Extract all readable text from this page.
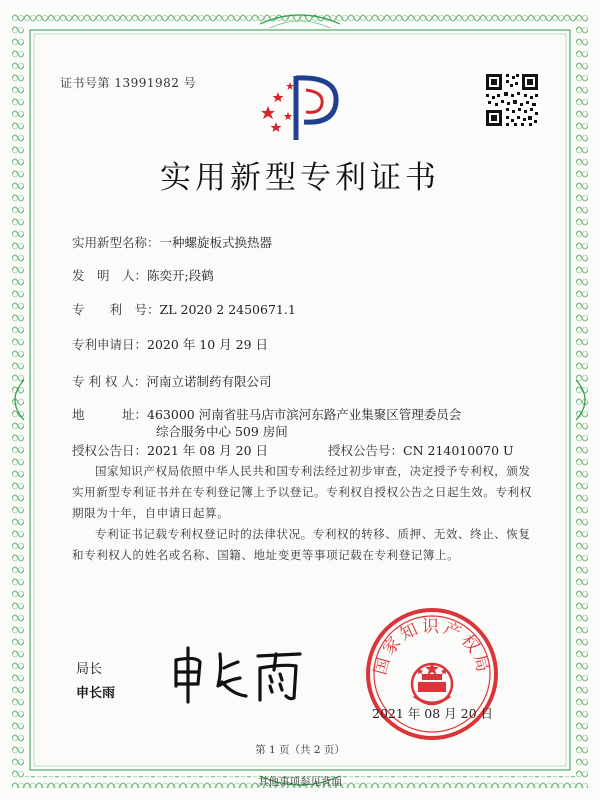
证书号第 13991982 号
实用新型专利证书
实用新型名称：一种螺旋板式换热器
发　明　人：陈奕开;段鹤
专　　利　号：ZL 2020 2 2450671.1
专利申请日：2020 年 10 月 29 日
专 利 权 人：河南立诺制药有限公司
地　　　址：463000 河南省驻马店市滨河东路产业集聚区管理委员会
综合服务中心 509 房间
授权公告日：2021 年 08 月 20 日	授权公告号：CN 214010070 U

国家知识产权局依照中华人民共和国专利法经过初步审查，决定授予专利权，颁发实用新型专利证书并在专利登记簿上予以登记。专利权自授权公告之日起生效。专利权期限为十年，自申请日起算。

专利证书记载专利权登记时的法律状况。专利权的转移、质押、无效、终止、恢复和专利权人的姓名或名称、国籍、地址变更等事项记载在专利登记簿上。

局长
申长雨
国家知识产权局
2021 年 08 月 20 日
第 1 页（共 2 页）
其他事项参见背面
